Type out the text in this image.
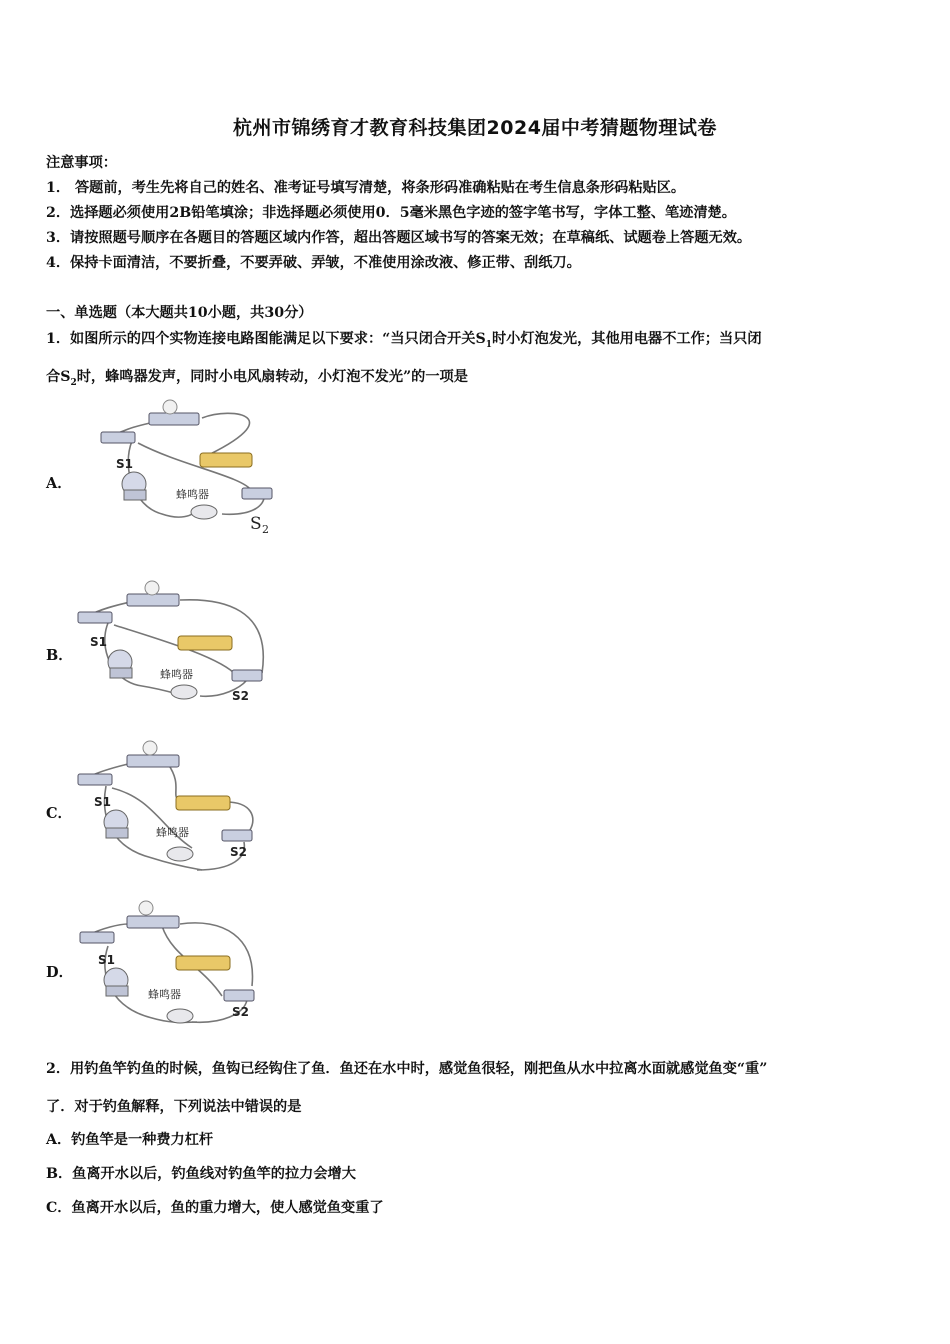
杭州市锦绣育才教育科技集团2024届中考猜题物理试卷
注意事项：
1． 答题前，考生先将自己的姓名、准考证号填写清楚，将条形码准确粘贴在考生信息条形码粘贴区。
2．选择题必须使用2B铅笔填涂；非选择题必须使用0．5毫米黑色字迹的签字笔书写，字体工整、笔迹清楚。
3．请按照题号顺序在各题目的答题区域内作答，超出答题区域书写的答案无效；在草稿纸、试题卷上答题无效。
4．保持卡面清洁，不要折叠，不要弄破、弄皱，不准使用涂改液、修正带、刮纸刀。
一、单选题（本大题共10小题，共30分）
1．如图所示的四个实物连接电路图能满足以下要求：“当只闭合开关$S_1$时小灯泡发光，其他用电器不工作；当只闭
合$S_2$时，蜂鸣器发声，同时小电风扇转动，小灯泡不发光”的一项是
A．
S1
蜂鸣器
S 2
B．
S1
蜂鸣器
S2
C．
S1
蜂鸣器
S2
D．
S1
蜂鸣器
S2
2．用钓鱼竿钓鱼的时候，鱼钩已经钩住了鱼．鱼还在水中时，感觉鱼很轻，刚把鱼从水中拉离水面就感觉鱼变“重”
了．对于钓鱼解释，下列说法中错误的是
A．钓鱼竿是一种费力杠杆
B．鱼离开水以后，钓鱼线对钓鱼竿的拉力会增大
C．鱼离开水以后，鱼的重力增大，使人感觉鱼变重了
